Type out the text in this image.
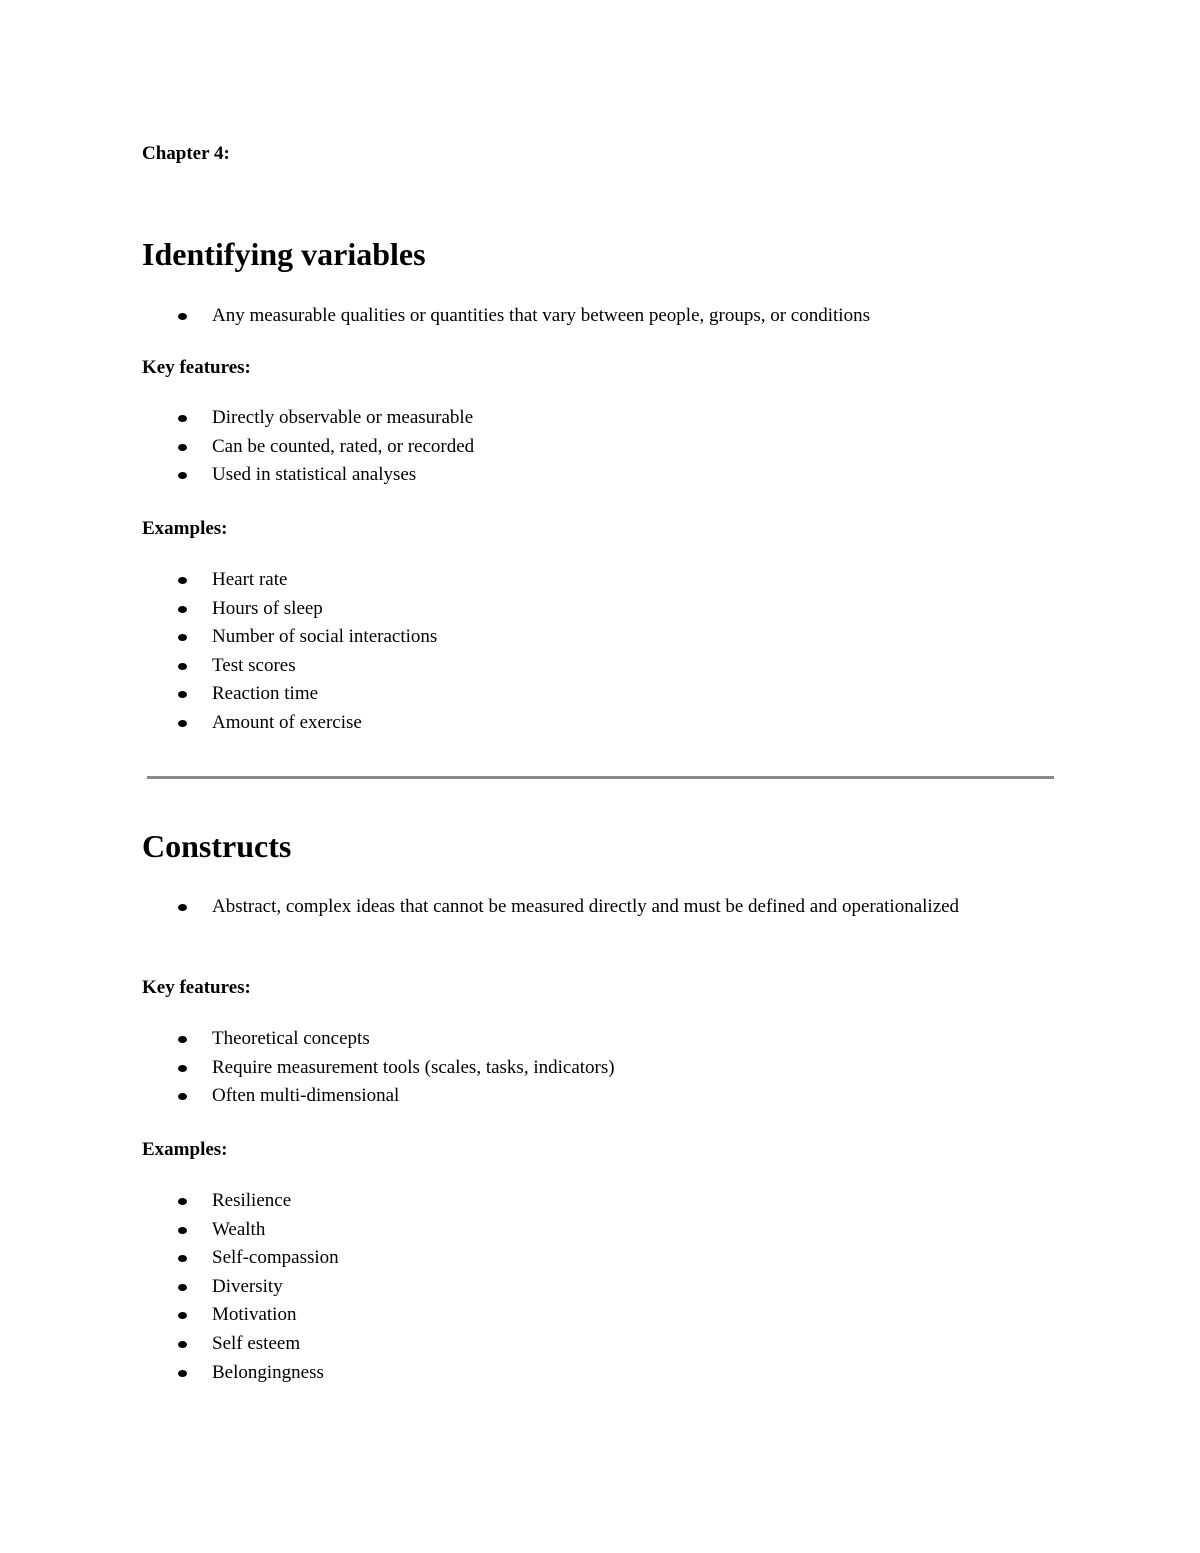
Chapter 4:

Identifying variables
Any measurable qualities or quantities that vary between people, groups, or conditions

Key features:

Directly observable or measurable
Can be counted, rated, or recorded
Used in statistical analyses

Examples:

Heart rate
Hours of sleep
Number of social interactions
Test scores
Reaction time
Amount of exercise
Constructs
Abstract, complex ideas that cannot be measured directly and must be defined and operationalized

Key features:

Theoretical concepts
Require measurement tools (scales, tasks, indicators)
Often multi-dimensional

Examples:

Resilience
Wealth
Self-compassion
Diversity
Motivation
Self esteem
Belongingness
